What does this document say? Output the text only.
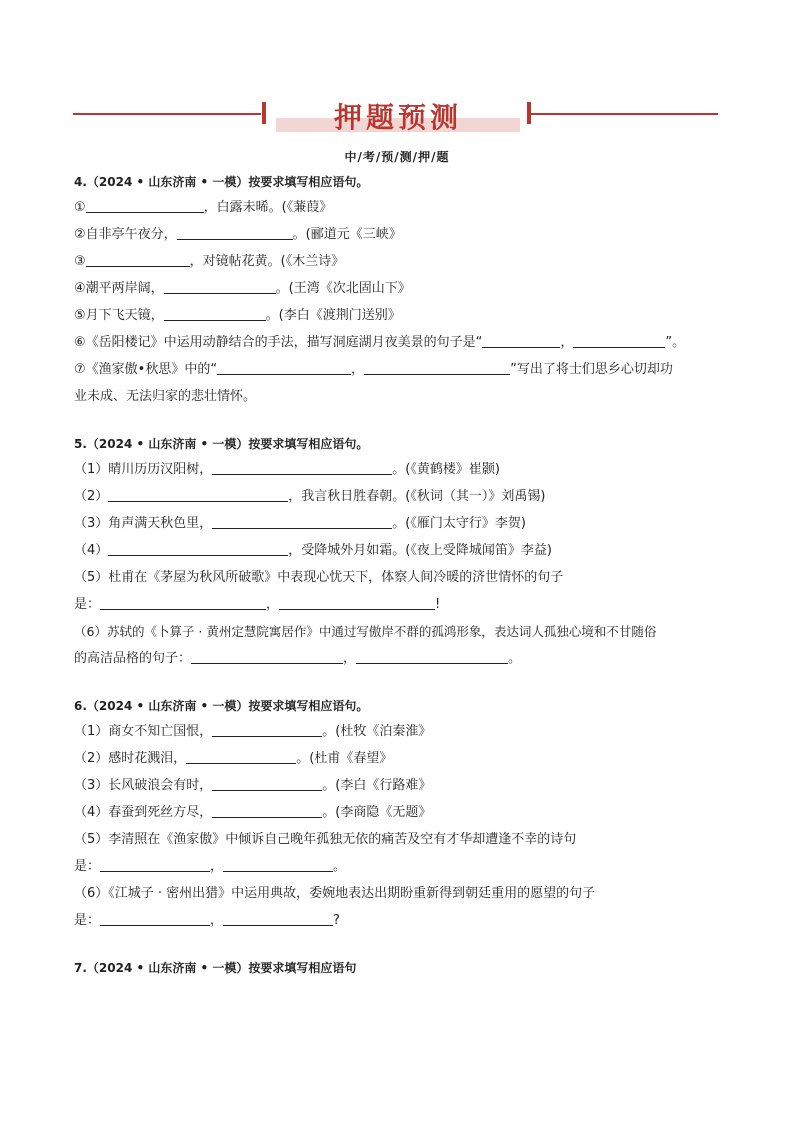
押题预测
中/考/预/测/押/题

4.（2024 • 山东济南 • 一模）按要求填写相应语句。

①	，白露未晞。(《蒹葭》

②自非亭午夜分，	。(郦道元《三峡》

③	，对镜帖花黄。(《木兰诗》

④潮平两岸阔，	。(王湾《次北固山下》

⑤月下飞天镜，	。(李白《渡荆门送别》

⑥《岳阳楼记》中运用动静结合的手法，描写洞庭湖月夜美景的句子是“	，	”。

⑦《渔家傲•秋思》中的“	，	”写出了将士们思乡心切却功

业未成、无法归家的悲壮情怀。

5.（2024 • 山东济南 • 一模）按要求填写相应语句。

（1）晴川历历汉阳树，	。(《黄鹤楼》崔颢)

（2）	，我言秋日胜春朝。(《秋词（其一）》刘禹锡)

（3）角声满天秋色里，	。(《雁门太守行》李贺)

（4）	，受降城外月如霜。(《夜上受降城闻笛》李益)

（5）杜甫在《茅屋为秋风所破歌》中表现心忧天下，体察人间冷暖的济世情怀的句子

是：	，	!

（6）苏轼的《卜算子 · 黄州定慧院寓居作》中通过写傲岸不群的孤鸿形象，表达词人孤独心境和不甘随俗

的高洁品格的句子：	，	。

6.（2024 • 山东济南 • 一模）按要求填写相应语句。

（1）商女不知亡国恨，	。(杜牧《泊秦淮》

（2）感时花溅泪，	。(杜甫《春望》

（3）长风破浪会有时，	。(李白《行路难》

（4）春蚕到死丝方尽，	。(李商隐《无题》

（5）李清照在《渔家傲》中倾诉自己晚年孤独无依的痛苦及空有才华却遭逢不幸的诗句

是：	，	。

（6）《江城子 · 密州出猎》中运用典故，委婉地表达出期盼重新得到朝廷重用的愿望的句子

是：	，	?

7.（2024 • 山东济南 • 一模）按要求填写相应语句
